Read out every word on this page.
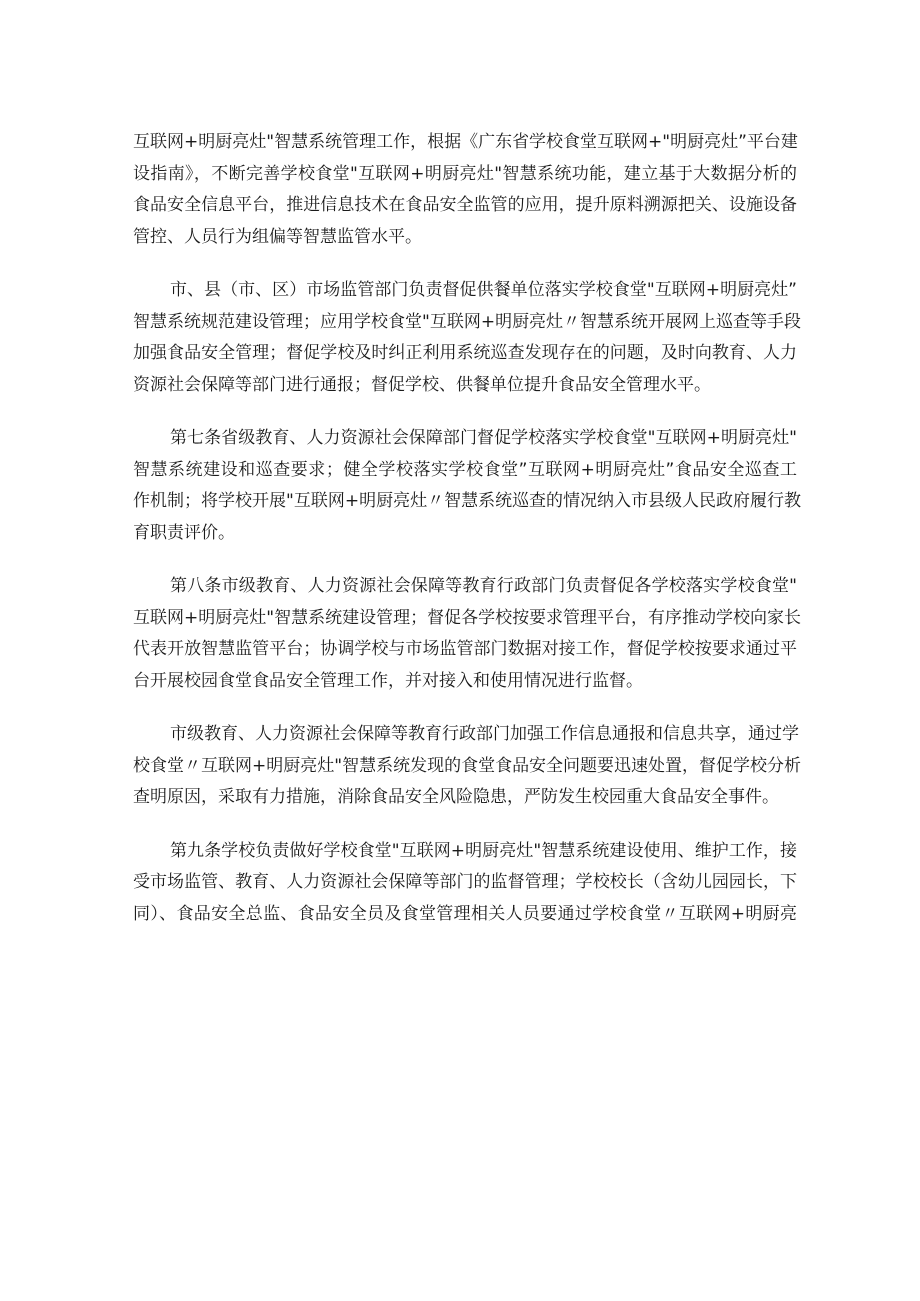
互联网+明厨亮灶"智慧系统管理工作，根据《广东省学校食堂互联网+"明厨亮灶”平台建
设指南》，不断完善学校食堂"互联网+明厨亮灶"智慧系统功能，建立基于大数据分析的
食品安全信息平台，推进信息技术在食品安全监管的应用，提升原料溯源把关、设施设备
管控、人员行为组偏等智慧监管水平。

市、县（市、区）市场监管部门负责督促供餐单位落实学校食堂"互联网+明厨亮灶”
智慧系统规范建设管理；应用学校食堂"互联网+明厨亮灶〃智慧系统开展网上巡查等手段
加强食品安全管理；督促学校及时纠正利用系统巡查发现存在的问题，及时向教育、人力
资源社会保障等部门进行通报；督促学校、供餐单位提升食品安全管理水平。

第七条省级教育、人力资源社会保障部门督促学校落实学校食堂"互联网+明厨亮灶"
智慧系统建设和巡查要求；健全学校落实学校食堂”互联网+明厨亮灶”食品安全巡查工
作机制；将学校开展"互联网+明厨亮灶〃智慧系统巡查的情况纳入市县级人民政府履行教
育职责评价。

第八条市级教育、人力资源社会保障等教育行政部门负责督促各学校落实学校食堂"
互联网+明厨亮灶"智慧系统建设管理；督促各学校按要求管理平台，有序推动学校向家长
代表开放智慧监管平台；协调学校与市场监管部门数据对接工作，督促学校按要求通过平
台开展校园食堂食品安全管理工作，并对接入和使用情况进行监督。

市级教育、人力资源社会保障等教育行政部门加强工作信息通报和信息共享，通过学
校食堂〃互联网+明厨亮灶"智慧系统发现的食堂食品安全问题要迅速处置，督促学校分析
查明原因，采取有力措施，消除食品安全风险隐患，严防发生校园重大食品安全事件。

第九条学校负责做好学校食堂"互联网+明厨亮灶"智慧系统建设使用、维护工作，接
受市场监管、教育、人力资源社会保障等部门的监督管理；学校校长（含幼儿园园长，下
同）、食品安全总监、食品安全员及食堂管理相关人员要通过学校食堂〃互联网+明厨亮
